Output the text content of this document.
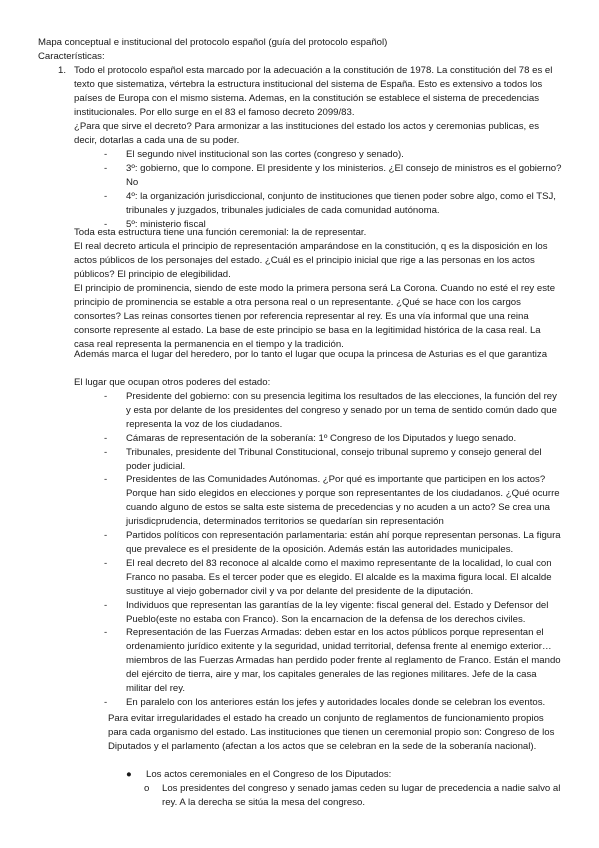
Mapa conceptual e institucional del protocolo español (guía del protocolo español)

Características:

1. Todo el protocolo español esta marcado por la adecuación a la constitución de 1978. La constitución del 78 es el texto que sistematiza, vértebra la estructura institucional del sistema de España. Esto es extensivo a todos los países de Europa con el mismo sistema. Ademas, en la constitución se establece el sistema de precedencias institucionales. Por ello surge en el 83 el famoso decreto 2099/83.

¿Para que sirve el decreto? Para armonizar a las instituciones del estado los actos y ceremonias publicas, es decir, dotarlas a cada una de su poder.

- El segundo nivel institucional son las cortes (congreso y senado).
- 3º: gobierno, que lo compone. El presidente y los ministerios. ¿El consejo de ministros es el gobierno? No
- 4º: la organización jurisdiccional, conjunto de instituciones que tienen poder sobre algo, como el TSJ, tribunales y juzgados, tribunales judiciales de cada comunidad autónoma.
- 5º: ministerio fiscal

Toda esta estructura tiene una función ceremonial: la de representar.

El real decreto articula el principio de representación amparándose en la constitución, q es la disposición en los actos públicos de los personajes del estado. ¿Cuál es el principio inicial que rige a las personas en los actos públicos? El principio de elegibilidad.

El principio de prominencia, siendo de este modo la primera persona será La Corona. Cuando no esté el rey este principio de prominencia se estable a otra persona real o un representante. ¿Qué se hace con los cargos consortes? Las reinas consortes tienen por referencia representar al rey. Es una vía informal que una reina consorte represente al estado. La base de este principio se basa en la legitimidad histórica de la casa real. La casa real representa la permanencia en el tiempo y la tradición.

Además marca el lugar del heredero, por lo tanto el lugar que ocupa la princesa de Asturias es el que garantiza

El lugar que ocupan otros poderes del estado:

- Presidente del gobierno: con su presencia legitima los resultados de las elecciones, la función del rey y esta por delante de los presidentes del congreso y senado por un tema de sentido común dado que representa la voz de los ciudadanos.
- Cámaras de representación de la soberanía: 1º Congreso de los Diputados y luego senado.
- Tribunales, presidente del Tribunal Constitucional, consejo tribunal supremo y consejo general del poder judicial.
- Presidentes de las Comunidades Autónomas. ¿Por qué es importante que participen en los actos? Porque han sido elegidos en elecciones y porque son representantes de los ciudadanos. ¿Qué ocurre cuando alguno de estos se salta este sistema de precedencias y no acuden a un acto? Se crea una jurisdicprudencia, determinados territorios se quedarían sin representación
- Partidos políticos con representación parlamentaria: están ahí porque representan personas. La figura que prevalece es el presidente de la oposición. Además están las autoridades municipales.
- El real decreto del 83 reconoce al alcalde como el maximo representante de la localidad, lo cual con Franco no pasaba. Es el tercer poder que es elegido. El alcalde es la maxima figura local. El alcalde sustituye al viejo gobernador civil y va por delante del presidente de la diputación.
- Individuos que representan las garantías de la ley vigente: fiscal general del. Estado y Defensor del Pueblo(este no estaba con Franco). Son la encarnacion de la defensa de los derechos civiles.
- Representación de las Fuerzas Armadas: deben estar en los actos públicos porque representan el ordenamiento jurídico exitente y la seguridad, unidad territorial, defensa frente al enemigo exterior… miembros de las Fuerzas Armadas han perdido poder frente al reglamento de Franco. Están el mando del ejército de tierra, aire y mar, los capitales generales de las regiones militares. Jefe de la casa militar del rey.
- En paralelo con los anteriores están los jefes y autoridades locales donde se celebran los eventos.

Para evitar irregularidades el estado ha creado un conjunto de reglamentos de funcionamiento propios para cada organismo del estado. Las instituciones que tienen un ceremonial propio son: Congreso de los Diputados y el parlamento (afectan a los actos que se celebran en la sede de la soberanía nacional).

● Los actos ceremoniales en el Congreso de los Diputados:
o Los presidentes del congreso y senado jamas ceden su lugar de precedencia a nadie salvo al rey. A la derecha se sitúa la mesa del congreso.
